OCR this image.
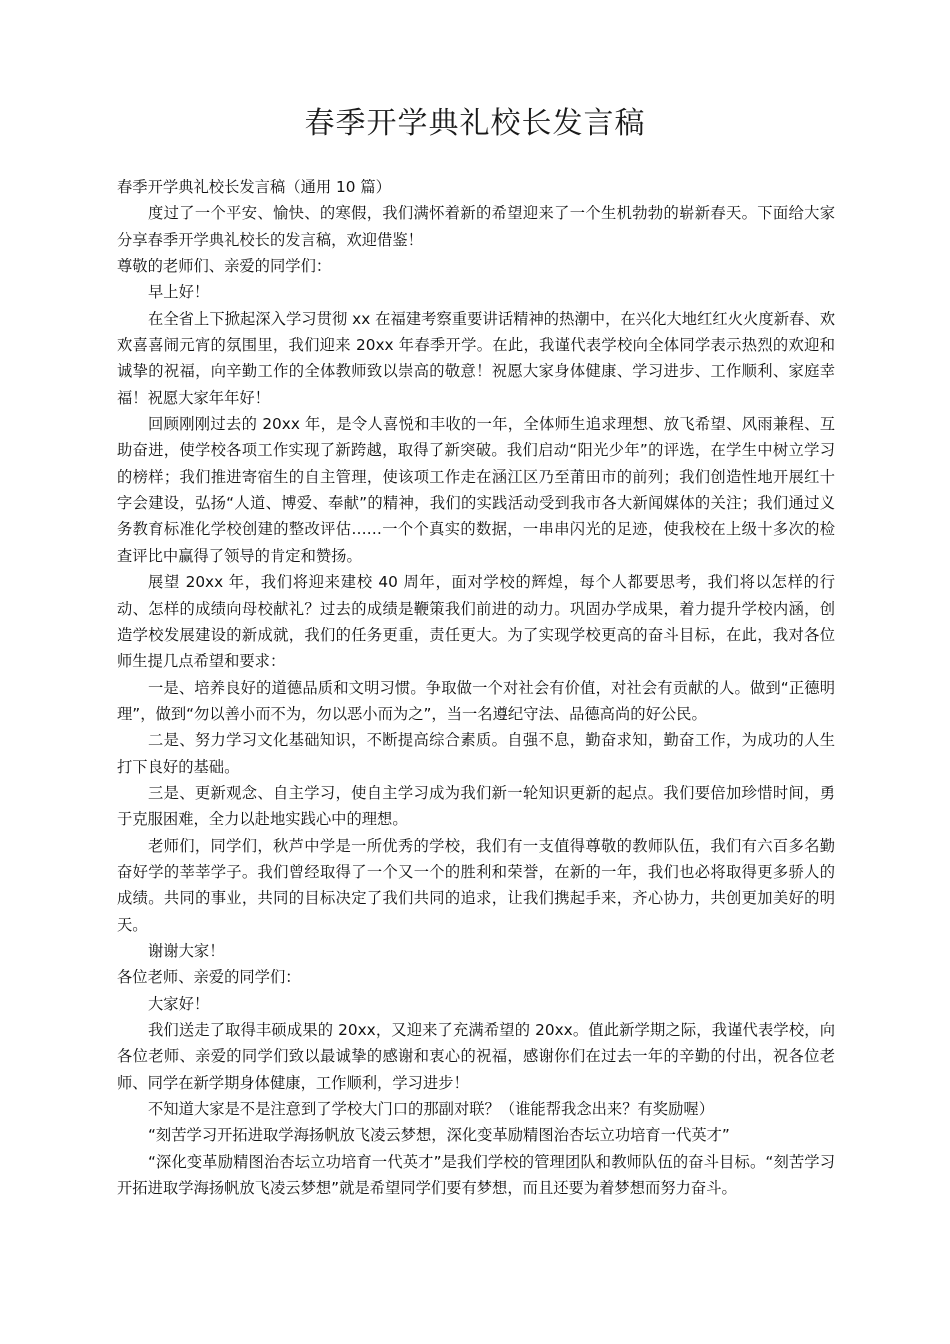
春季开学典礼校长发言稿

春季开学典礼校长发言稿（通用 10 篇）

度过了一个平安、愉快、的寒假，我们满怀着新的希望迎来了一个生机勃勃的崭新春天。下面给大家分享春季开学典礼校长的发言稿，欢迎借鉴！

尊敬的老师们、亲爱的同学们：

早上好！

在全省上下掀起深入学习贯彻 xx 在福建考察重要讲话精神的热潮中，在兴化大地红红火火度新春、欢欢喜喜闹元宵的氛围里，我们迎来 20xx 年春季开学。在此，我谨代表学校向全体同学表示热烈的欢迎和诚挚的祝福，向辛勤工作的全体教师致以崇高的敬意！祝愿大家身体健康、学习进步、工作顺利、家庭幸福！祝愿大家年年好！

回顾刚刚过去的 20xx 年，是令人喜悦和丰收的一年，全体师生追求理想、放飞希望、风雨兼程、互助奋进，使学校各项工作实现了新跨越，取得了新突破。我们启动“阳光少年”的评选，在学生中树立学习的榜样；我们推进寄宿生的自主管理，使该项工作走在涵江区乃至莆田市的前列；我们创造性地开展红十字会建设，弘扬“人道、博爱、奉献”的精神，我们的实践活动受到我市各大新闻媒体的关注；我们通过义务教育标准化学校创建的整改评估……一个个真实的数据，一串串闪光的足迹，使我校在上级十多次的检查评比中赢得了领导的肯定和赞扬。

展望 20xx 年，我们将迎来建校 40 周年，面对学校的辉煌，每个人都要思考，我们将以怎样的行动、怎样的成绩向母校献礼？过去的成绩是鞭策我们前进的动力。巩固办学成果，着力提升学校内涵，创造学校发展建设的新成就，我们的任务更重，责任更大。为了实现学校更高的奋斗目标，在此，我对各位师生提几点希望和要求：

一是、培养良好的道德品质和文明习惯。争取做一个对社会有价值，对社会有贡献的人。做到“正德明理”，做到“勿以善小而不为，勿以恶小而为之”，当一名遵纪守法、品德高尚的好公民。

二是、努力学习文化基础知识，不断提高综合素质。自强不息，勤奋求知，勤奋工作，为成功的人生打下良好的基础。

三是、更新观念、自主学习，使自主学习成为我们新一轮知识更新的起点。我们要倍加珍惜时间，勇于克服困难，全力以赴地实践心中的理想。

老师们，同学们，秋芦中学是一所优秀的学校，我们有一支值得尊敬的教师队伍，我们有六百多名勤奋好学的莘莘学子。我们曾经取得了一个又一个的胜利和荣誉，在新的一年，我们也必将取得更多骄人的成绩。共同的事业，共同的目标决定了我们共同的追求，让我们携起手来，齐心协力，共创更加美好的明天。

谢谢大家！

各位老师、亲爱的同学们：

大家好！

我们送走了取得丰硕成果的 20xx，又迎来了充满希望的 20xx。值此新学期之际，我谨代表学校，向各位老师、亲爱的同学们致以最诚挚的感谢和衷心的祝福，感谢你们在过去一年的辛勤的付出，祝各位老师、同学在新学期身体健康，工作顺利，学习进步！

不知道大家是不是注意到了学校大门口的那副对联？（谁能帮我念出来？有奖励喔）

“刻苦学习开拓进取学海扬帆放飞凌云梦想，深化变革励精图治杏坛立功培育一代英才”

“深化变革励精图治杏坛立功培育一代英才”是我们学校的管理团队和教师队伍的奋斗目标。“刻苦学习开拓进取学海扬帆放飞凌云梦想”就是希望同学们要有梦想，而且还要为着梦想而努力奋斗。
